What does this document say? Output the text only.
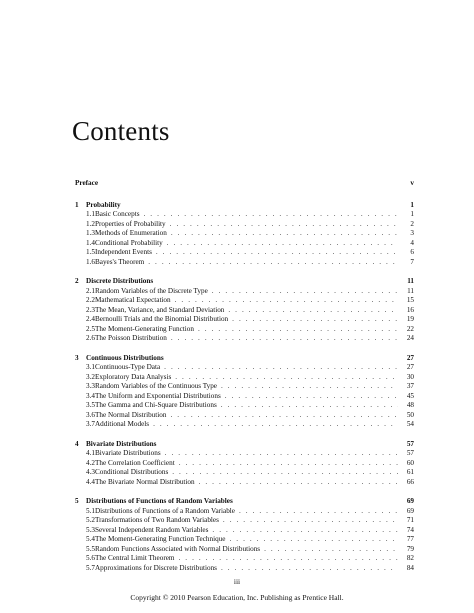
Contents
Preface	v
1	Probability	1
1.1 Basic Concepts . . .	1
1.2 Properties of Probability . . .	2
1.3 Methods of Enumeration . . .	3
1.4 Conditional Probability . . .	4
1.5 Independent Events . . .	6
1.6 Bayes's Theorem . . .	7
2	Discrete Distributions	11
2.1 Random Variables of the Discrete Type . . .	11
2.2 Mathematical Expectation . . .	15
2.3 The Mean, Variance, and Standard Deviation . . .	16
2.4 Bernoulli Trials and the Binomial Distribution . . .	19
2.5 The Moment-Generating Function . . .	22
2.6 The Poisson Distribution . . .	24
3	Continuous Distributions	27
3.1 Continuous-Type Data . . .	27
3.2 Exploratory Data Analysis . . .	30
3.3 Random Variables of the Continuous Type . . .	37
3.4 The Uniform and Exponential Distributions . . .	45
3.5 The Gamma and Chi-Square Distributions . . .	48
3.6 The Normal Distribution . . .	50
3.7 Additional Models . . .	54
4	Bivariate Distributions	57
4.1 Bivariate Distributions . . .	57
4.2 The Correlation Coefficient . . .	60
4.3 Conditional Distributions . . .	61
4.4 The Bivariate Normal Distribution . . .	66
5	Distributions of Functions of Random Variables	69
5.1 Distributions of Functions of a Random Variable . . .	69
5.2 Transformations of Two Random Variables . . .	71
5.3 Several Independent Random Variables . . .	74
5.4 The Moment-Generating Function Technique . . .	77
5.5 Random Functions Associated with Normal Distributions . . .	79
5.6 The Central Limit Theorem . . .	82
5.7 Approximations for Discrete Distributions . . .	84
iii
Copyright © 2010 Pearson Education, Inc. Publishing as Prentice Hall.
